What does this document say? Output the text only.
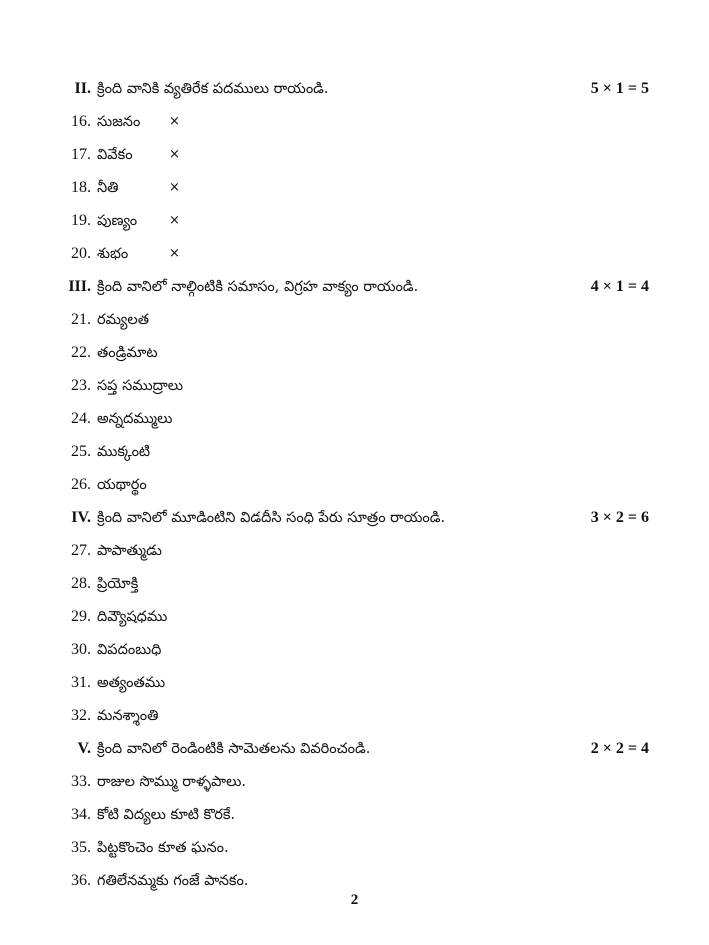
II. క్రింది వానికి వ్యతిరేక పదములు రాయండి.	5 × 1 = 5
16. సుజనం ×
17. వివేకం	×
18. నీతి	×
19. పుణ్యం ×
20. శుభం	×
III. క్రింది వానిలో నాల్గింటికి సమాసం, విగ్రహ వాక్యం రాయండి.	4 × 1 = 4
21. రమ్యలత
22. తండ్రిమాట
23. సప్త సముద్రాలు
24. అన్నదమ్ములు
25. ముక్కంటి
26. యథార్థం
IV. క్రింది వానిలో మూడింటిని విడదీసి సంధి పేరు సూత్రం రాయండి.	3 × 2 = 6
27. పాపాత్ముడు
28. ప్రియోక్తి
29. దివ్యౌషధము
30. విపదంబుధి
31. అత్యంతము
32. మనశ్శాంతి
V. క్రింది వానిలో రెండింటికి సామెతలను వివరించండి.	2 × 2 = 4
33. రాజుల సొమ్ము రాళ్ళపాలు.
34. కోటి విద్యలు కూటి కొరకే.
35. పిట్టకొంచెం కూత ఘనం.
36. గతిలేనమ్మకు గంజే పానకం.
2
